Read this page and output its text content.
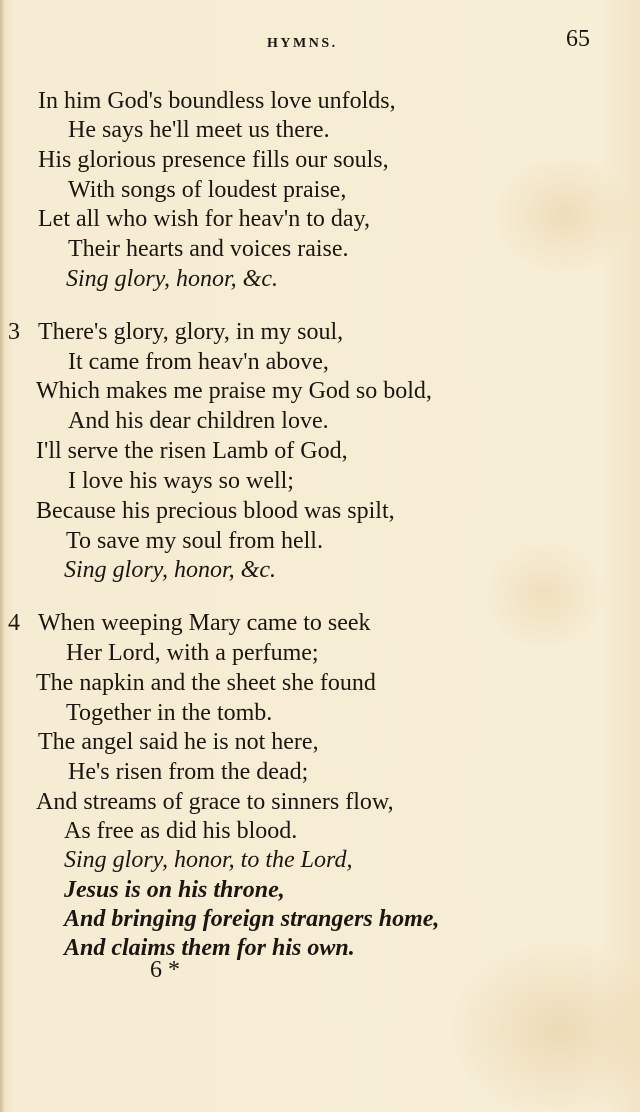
HYMNS.	65
In him God's boundless love unfolds,
He says he'll meet us there.
His glorious presence fills our souls,
With songs of loudest praise,
Let all who wish for heav'n to day,
Their hearts and voices raise.
Sing glory, honor, &c.
3 There's glory, glory, in my soul,
It came from heav'n above,
Which makes me praise my God so bold,
And his dear children love.
I'll serve the risen Lamb of God,
I love his ways so well;
Because his precious blood was spilt,
To save my soul from hell.
Sing glory, honor, &c.
4 When weeping Mary came to seek
Her Lord, with a perfume;
The napkin and the sheet she found
Together in the tomb.
The angel said he is not here,
He's risen from the dead;
And streams of grace to sinners flow,
As free as did his blood.
Sing glory, honor, to the Lord,
Jesus is on his throne,
And bringing foreign strangers home,
And claims them for his own.
6 *
